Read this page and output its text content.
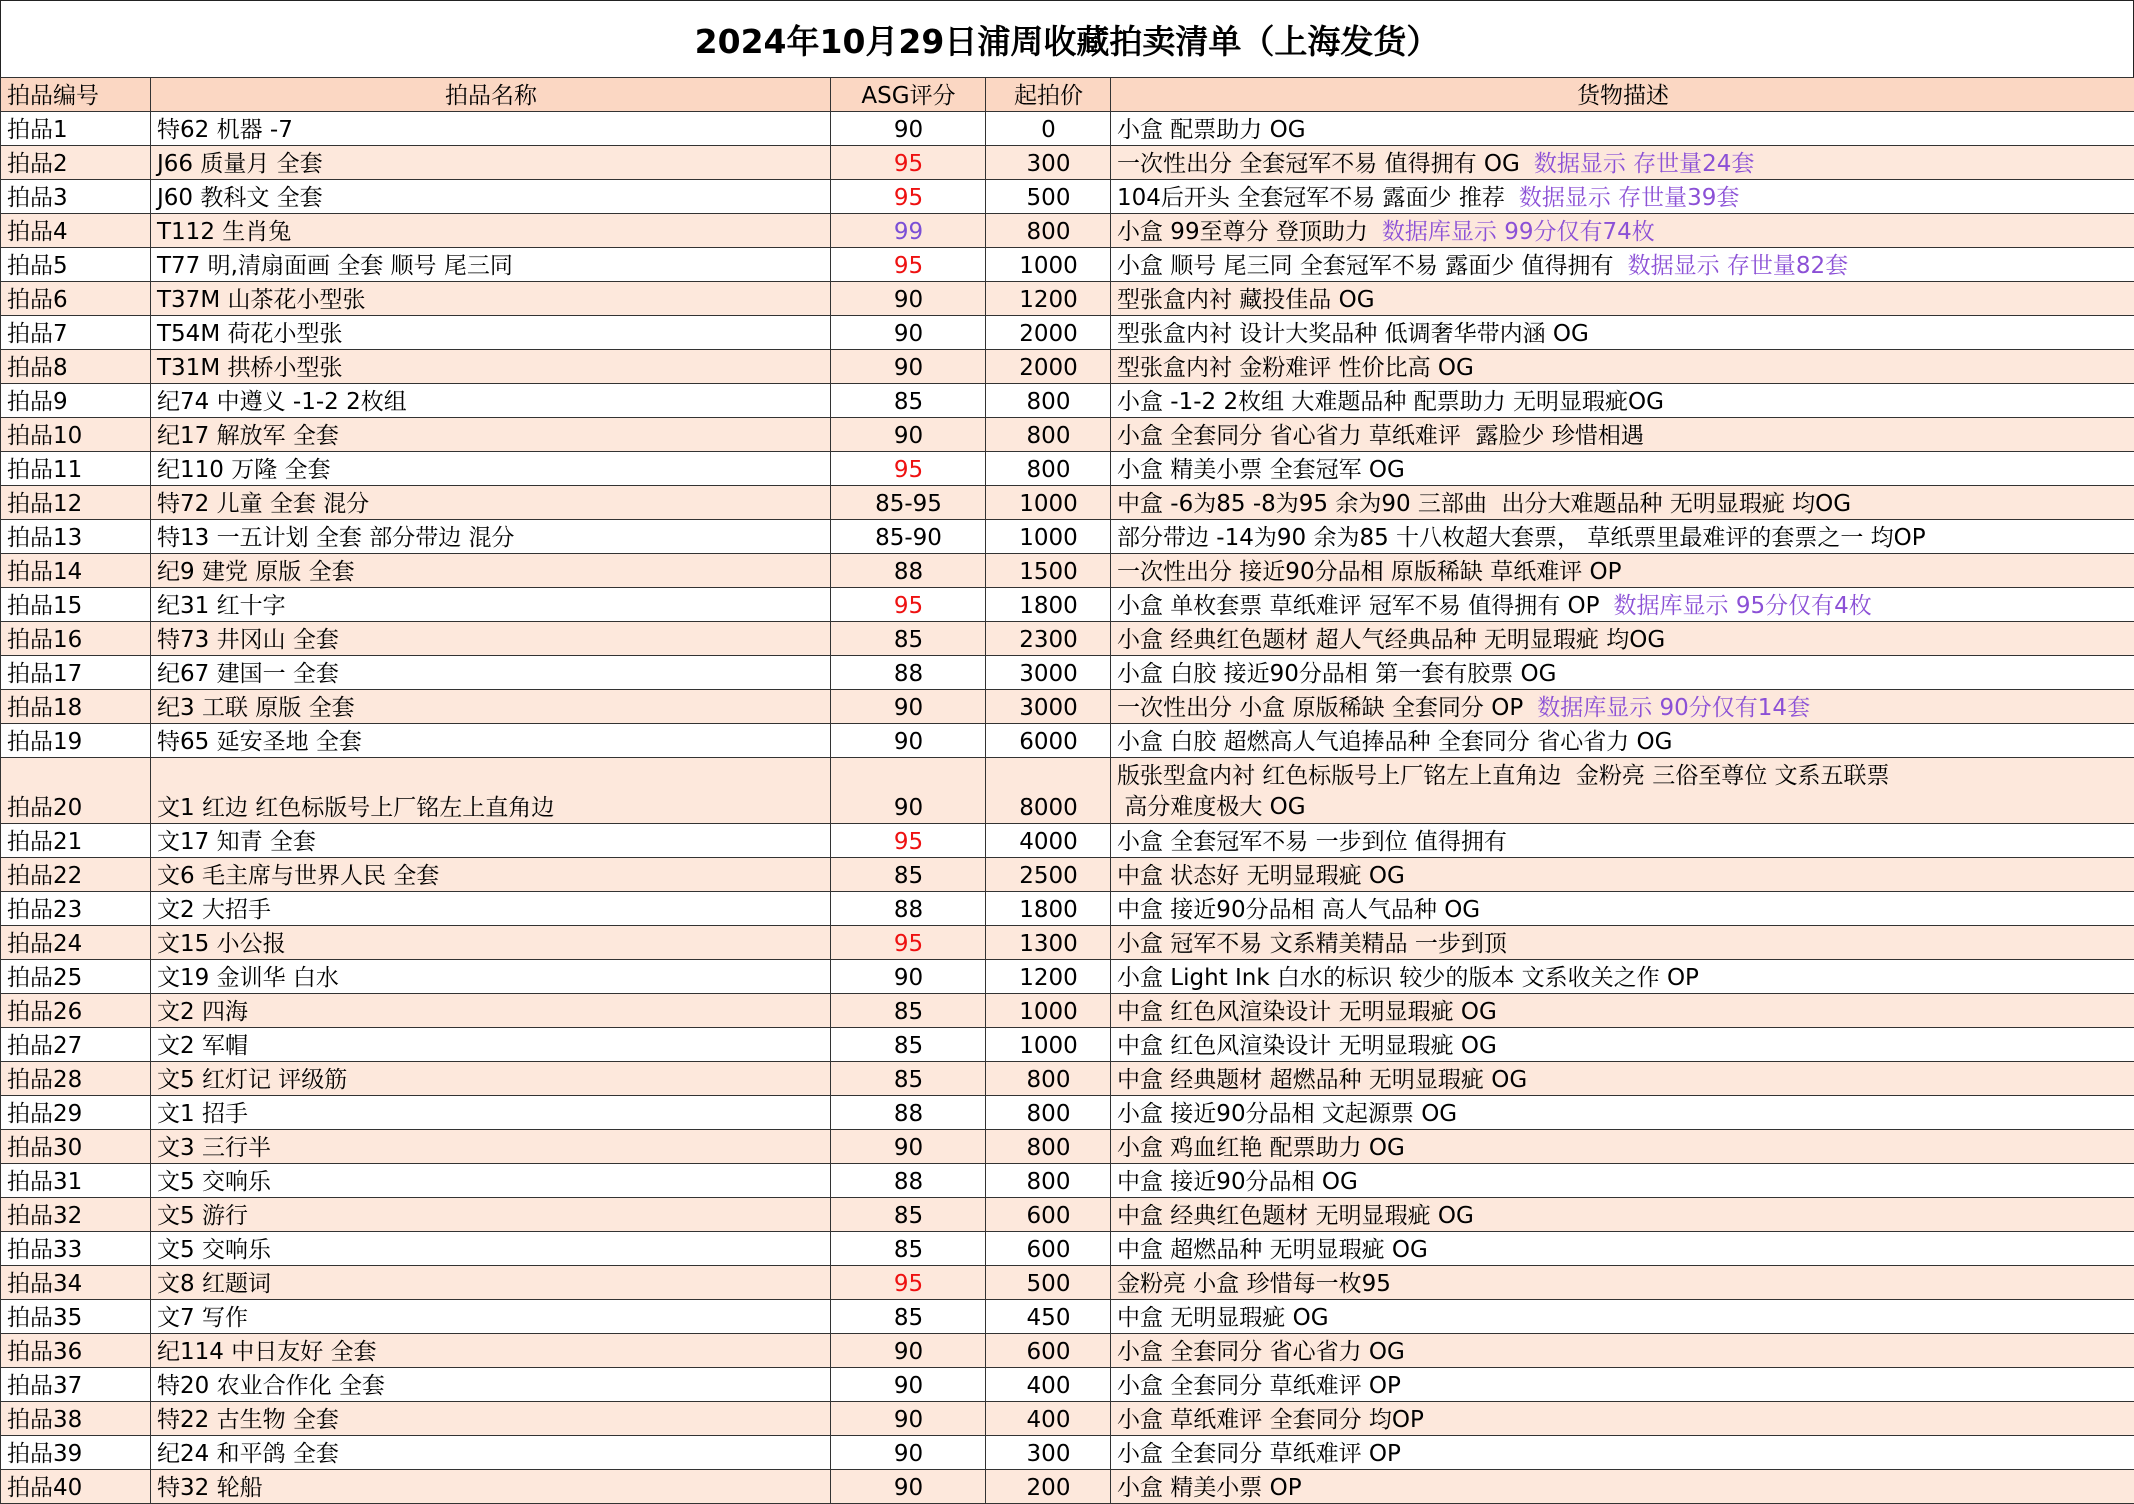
2024年10月29日浦周收藏拍卖清单（上海发货）
拍品编号	拍品名称	ASG评分	起拍价	货物描述
拍品1	特62 机器 -7	90	0	小盒 配票助力 OG
拍品2	J66 质量月 全套	95	300	一次性出分 全套冠军不易 值得拥有 OG 数据显示 存世量24套
拍品3	J60 教科文 全套	95	500	104后开头 全套冠军不易 露面少 推荐 数据显示 存世量39套
拍品4	T112 生肖兔	99	800	小盒 99至尊分 登顶助力 数据库显示 99分仅有74枚
拍品5	T77 明,清扇面画 全套 顺号 尾三同	95	1000	小盒 顺号 尾三同 全套冠军不易 露面少 值得拥有 数据显示 存世量82套
拍品6	T37M 山茶花小型张	90	1200	型张盒内衬 藏投佳品 OG
拍品7	T54M 荷花小型张	90	2000	型张盒内衬 设计大奖品种 低调奢华带内涵 OG
拍品8	T31M 拱桥小型张	90	2000	型张盒内衬 金粉难评 性价比高 OG
拍品9	纪74 中遵义 -1-2 2枚组	85	800	小盒 -1-2 2枚组 大难题品种 配票助力 无明显瑕疵OG
拍品10	纪17 解放军 全套	90	800	小盒 全套同分 省心省力 草纸难评  露脸少 珍惜相遇
拍品11	纪110 万隆 全套	95	800	小盒 精美小票 全套冠军 OG
拍品12	特72 儿童 全套 混分	85-95	1000	中盒 -6为85 -8为95 余为90 三部曲  出分大难题品种 无明显瑕疵 均OG
拍品13	特13 一五计划 全套 部分带边 混分	85-90	1000	部分带边 -14为90 余为85 十八枚超大套票， 草纸票里最难评的套票之一 均OP
拍品14	纪9 建党 原版 全套	88	1500	一次性出分 接近90分品相 原版稀缺 草纸难评 OP
拍品15	纪31 红十字	95	1800	小盒 单枚套票 草纸难评 冠军不易 值得拥有 OP 数据库显示 95分仅有4枚
拍品16	特73 井冈山 全套	85	2300	小盒 经典红色题材 超人气经典品种 无明显瑕疵 均OG
拍品17	纪67 建国一 全套	88	3000	小盒 白胶 接近90分品相 第一套有胶票 OG
拍品18	纪3 工联 原版 全套	90	3000	一次性出分 小盒 原版稀缺 全套同分 OP 数据库显示 90分仅有14套
拍品19	特65 延安圣地 全套	90	6000	小盒 白胶 超燃高人气追捧品种 全套同分 省心省力 OG
拍品20	文1 红边 红色标版号上厂铭左上直角边	90	8000	版张型盒内衬 红色标版号上厂铭左上直角边  金粉亮 三俗至尊位 文系五联票
高分难度极大 OG
拍品21	文17 知青 全套	95	4000	小盒 全套冠军不易 一步到位 值得拥有
拍品22	文6 毛主席与世界人民 全套	85	2500	中盒 状态好 无明显瑕疵 OG
拍品23	文2 大招手	88	1800	中盒 接近90分品相 高人气品种 OG
拍品24	文15 小公报	95	1300	小盒 冠军不易 文系精美精品 一步到顶
拍品25	文19 金训华 白水	90	1200	小盒 Light Ink 白水的标识 较少的版本 文系收关之作 OP
拍品26	文2 四海	85	1000	中盒 红色风渲染设计 无明显瑕疵 OG
拍品27	文2 军帽	85	1000	中盒 红色风渲染设计 无明显瑕疵 OG
拍品28	文5 红灯记 评级筋	85	800	中盒 经典题材 超燃品种 无明显瑕疵 OG
拍品29	文1 招手	88	800	小盒 接近90分品相 文起源票 OG
拍品30	文3 三行半	90	800	小盒 鸡血红艳 配票助力 OG
拍品31	文5 交响乐	88	800	中盒 接近90分品相 OG
拍品32	文5 游行	85	600	中盒 经典红色题材 无明显瑕疵 OG
拍品33	文5 交响乐	85	600	中盒 超燃品种 无明显瑕疵 OG
拍品34	文8 红题词	95	500	金粉亮 小盒 珍惜每一枚95
拍品35	文7 写作	85	450	中盒 无明显瑕疵 OG
拍品36	纪114 中日友好 全套	90	600	小盒 全套同分 省心省力 OG
拍品37	特20 农业合作化 全套	90	400	小盒 全套同分 草纸难评 OP
拍品38	特22 古生物 全套	90	400	小盒 草纸难评 全套同分 均OP
拍品39	纪24 和平鸽 全套	90	300	小盒 全套同分 草纸难评 OP
拍品40	特32 轮船	90	200	小盒 精美小票 OP
